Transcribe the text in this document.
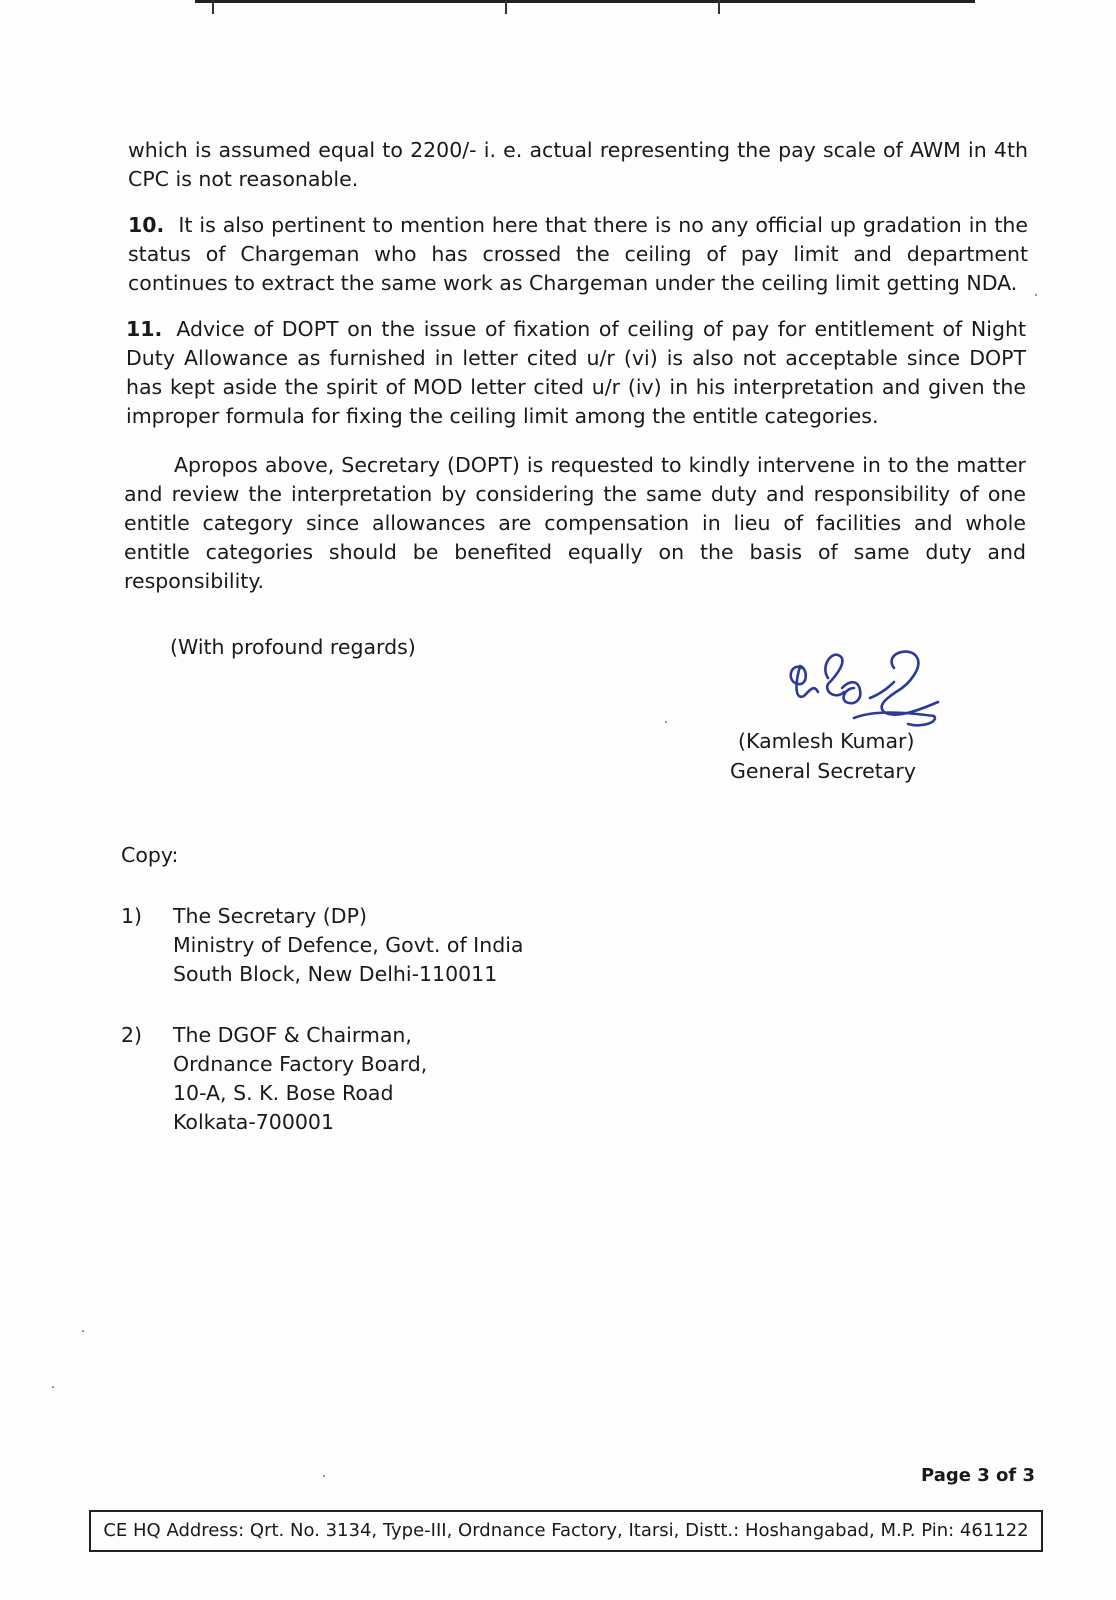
which is assumed equal to 2200/- i. e. actual representing the pay scale of AWM in 4th CPC is not reasonable.

10. It is also pertinent to mention here that there is no any official up gradation in the status of Chargeman who has crossed the ceiling of pay limit and department continues to extract the same work as Chargeman under the ceiling limit getting NDA.

11. Advice of DOPT on the issue of fixation of ceiling of pay for entitlement of Night Duty Allowance as furnished in letter cited u/r (vi) is also not acceptable since DOPT has kept aside the spirit of MOD letter cited u/r (iv) in his interpretation and given the improper formula for fixing the ceiling limit among the entitle categories.

Apropos above, Secretary (DOPT) is requested to kindly intervene in to the matter and review the interpretation by considering the same duty and responsibility of one entitle category since allowances are compensation in lieu of facilities and whole entitle categories should be benefited equally on the basis of same duty and responsibility.

(With profound regards)
(Kamlesh Kumar)
General Secretary
Copy:
1) The Secretary (DP)
Ministry of Defence, Govt. of India
South Block, New Delhi-110011
2) The DGOF & Chairman,
Ordnance Factory Board,
10-A, S. K. Bose Road
Kolkata-700001
Page 3 of 3
CE HQ Address: Qrt. No. 3134, Type-III, Ordnance Factory, Itarsi, Distt.: Hoshangabad, M.P. Pin: 461122
